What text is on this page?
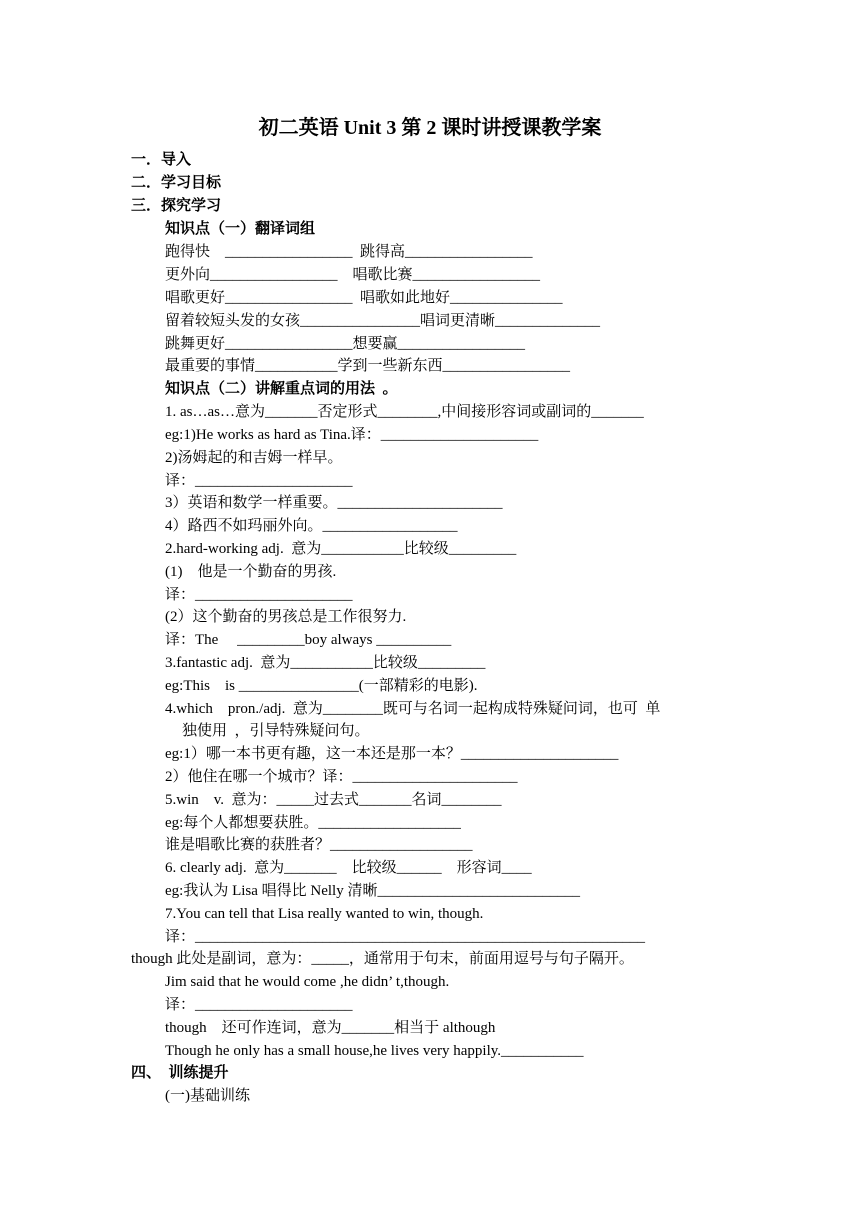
初二英语 Unit 3 第 2 课时讲授课教学案
一．导入
二．学习目标
三．探究学习
知识点（一）翻译词组
跑得快    _________________  跳得高_________________
更外向_________________    唱歌比赛_________________
唱歌更好_________________  唱歌如此地好_______________
留着较短头发的女孩________________唱词更清晰______________
跳舞更好_________________想要赢_________________
最重要的事情___________学到一些新东西_________________
知识点（二）讲解重点词的用法  。
1. as…as…意为_______否定形式________,中间接形容词或副词的_______
eg:1)He works as hard as Tina.译：_____________________
2)汤姆起的和吉姆一样早。
译：_____________________
3）英语和数学一样重要。______________________
4）路西不如玛丽外向。__________________
2.hard-working adj.  意为___________比较级_________
(1)    他是一个勤奋的男孩.
译：_____________________
(2）这个勤奋的男孩总是工作很努力.
译：The     _________boy always __________
3.fantastic adj.  意为___________比较级_________
eg:This    is ________________(一部精彩的电影).
4.which    pron./adj.  意为________既可与名词一起构成特殊疑问词，也可  单
独使用  ，引导特殊疑问句。
eg:1）哪一本书更有趣，这一本还是那一本？_____________________
2）他住在哪一个城市？译：______________________
5.win    v.  意为：_____过去式_______名词________
eg:每个人都想要获胜。___________________
谁是唱歌比赛的获胜者？___________________
6. clearly adj.  意为_______    比较级______    形容词____
eg:我认为 Lisa 唱得比 Nelly 清晰___________________________
7.You can tell that Lisa really wanted to win, though.
译：____________________________________________________________
though 此处是副词，意为：_____，通常用于句末，前面用逗号与句子隔开。
Jim said that he would come ,he didn’ t,though.
译：_____________________
though    还可作连词，意为_______相当于 although
Though he only has a small house,he lives very happily.___________
四、  训练提升
(一)基础训练
